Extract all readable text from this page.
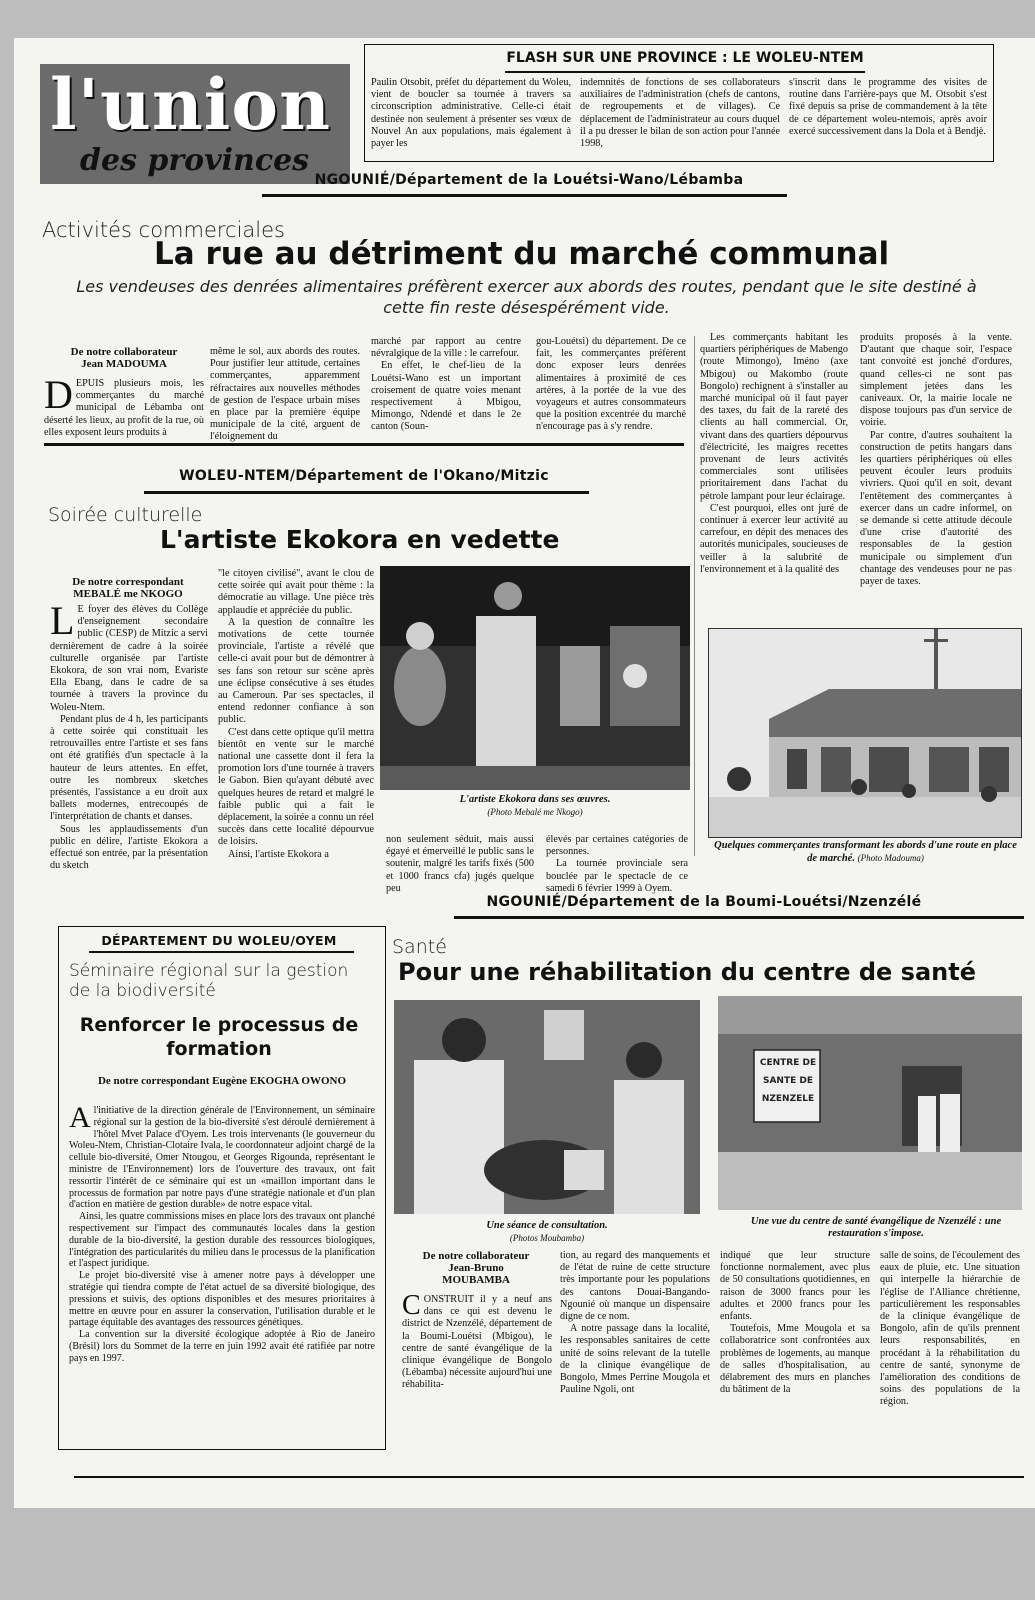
l'union
des provinces
FLASH SUR UNE PROVINCE : LE WOLEU-NTEM
Paulin Otsobit, préfet du département du Woleu, vient de boucler sa tournée à travers sa circonscription administrative. Celle-ci était destinée non seulement à présenter ses vœux de Nouvel An aux populations, mais également à payer les
indemnités de fonctions de ses collaborateurs auxiliaires de l'administration (chefs de cantons, de regroupements et de villages). Ce déplacement de l'administrateur au cours duquel il a pu dresser le bilan de son action pour l'année 1998,
s'inscrit dans le programme des visites de routine dans l'arrière-pays que M. Otsobit s'est fixé depuis sa prise de commandement à la tête de ce département woleu-ntemois, après avoir exercé successivement dans la Dola et à Bendjè.
NGOUNIÉ/Département de la Louétsi-Wano/Lébamba
Activités commerciales
La rue au détriment du marché communal
Les vendeuses des denrées alimentaires préfèrent exercer aux abords des routes, pendant que le site destiné à cette fin reste désespérément vide.
De notre collaborateur
Jean MADOUMA
DEPUIS plusieurs mois, les commerçantes du marché municipal de Lébamba ont déserté les lieux, au profit de la rue, où elles exposent leurs produits à
même le sol, aux abords des routes. Pour justifier leur attitude, certaines commerçantes, apparemment réfractaires aux nouvelles méthodes de gestion de l'espace urbain mises en place par la première équipe municipale de la cité, arguent de l'éloignement du
marché par rapport au centre névralgique de la ville : le carrefour.

En effet, le chef-lieu de la Louétsi-Wano est un important croisement de quatre voies menant respectivement à Mbigou, Mimongo, Ndendé et dans le 2e canton (Soun-

gou-Louétsi) du département. De ce fait, les commerçantes préfèrent donc exposer leurs denrées alimentaires à proximité de ces artères, à la portée de la vue des voyageurs et autres consommateurs que la position excentrée du marché n'encourage pas à s'y rendre.

Les commerçants habitant les quartiers périphériques de Mabengo (route Mimongo), Iméno (axe Mbigou) ou Makombo (route Bongolo) rechignent à s'installer au marché municipal où il faut payer des taxes, du fait de la rareté des clients au hall commercial. Or, vivant dans des quartiers dépourvus d'électricité, les maigres recettes provenant de leurs activités commerciales sont utilisées prioritairement dans l'achat du pétrole lampant pour leur éclairage.

C'est pourquoi, elles ont juré de continuer à exercer leur activité au carrefour, en dépit des menaces des autorités municipales, soucieuses de veiller à la salubrité de l'environnement et à la qualité des

produits proposés à la vente. D'autant que chaque soir, l'espace tant convoité est jonché d'ordures, quand celles-ci ne sont pas simplement jetées dans les caniveaux. Or, la mairie locale ne dispose toujours pas d'un service de voirie.

Par contre, d'autres souhaitent la construction de petits hangars dans les quartiers périphériques où elles peuvent écouler leurs produits vivriers. Quoi qu'il en soit, devant l'entêtement des commerçantes à exercer dans un cadre informel, on se demande si cette attitude découle d'une crise d'autorité des responsables de la gestion municipale ou simplement d'un chantage des vendeuses pour ne pas payer de taxes.

Quelques commerçantes transformant les abords d'une route en place de marché. (Photo Madouma)
WOLEU-NTEM/Département de l'Okano/Mitzic
Soirée culturelle
L'artiste Ekokora en vedette
De notre correspondant
MEBALÉ me NKOGO
L E foyer des élèves du Collège d'enseignement secondaire public (CESP) de Mitzic a servi dernièrement de cadre à la soirée culturelle organisée par l'artiste Ekokora, de son vrai nom, Evariste Ella Ebang, dans le cadre de sa tournée à travers la province du Woleu-Ntem.

Pendant plus de 4 h, les participants à cette soirée qui constituait les retrouvailles entre l'artiste et ses fans ont été gratifiés d'un spectacle à la hauteur de leurs attentes. En effet, outre les nombreux sketches présentés, l'assistance a eu droit aux ballets modernes, entrecoupés de l'interprétation de chants et danses.

Sous les applaudissements d'un public en délire, l'artiste Ekokora a effectué son entrée, par la présentation du sketch

"le citoyen civilisé", avant le clou de cette soirée qui avait pour thème : la démocratie au village. Une pièce très applaudie et appréciée du public.

A la question de connaître les motivations de cette tournée provinciale, l'artiste a révélé que celle-ci avait pour but de démontrer à ses fans son retour sur scène après une éclipse consécutive à ses études au Cameroun. Par ses spectacles, il entend redonner confiance à son public.

C'est dans cette optique qu'il mettra bientôt en vente sur le marché national une cassette dont il fera la promotion lors d'une tournée à travers le Gabon. Bien qu'ayant débuté avec quelques heures de retard et malgré le faible public qui a fait le déplacement, la soirée a connu un réel succès dans cette localité dépourvue de loisirs.

Ainsi, l'artiste Ekokora a

L'artiste Ekokora dans ses œuvres.
(Photo Mebalé me Nkogo)
non seulement séduit, mais aussi égayé et émerveillé le public sans le soutenir, malgré les tarifs fixés (500 et 1000 francs cfa) jugés quelque peu
élevés par certaines catégories de personnes.

La tournée provinciale sera bouclée par le spectacle de ce samedi 6 février 1999 à Oyem.

DÉPARTEMENT DU WOLEU/OYEM
Séminaire régional sur la gestion de la biodiversité
Renforcer le processus de formation
De notre correspondant Eugène EKOGHA OWONO
Al'initiative de la direction générale de l'Environnement, un séminaire régional sur la gestion de la bio-diversité s'est déroulé dernièrement à l'hôtel Mvet Palace d'Oyem. Les trois intervenants (le gouverneur du Woleu-Ntem, Christian-Clotaire Ivala, le coordonnateur adjoint chargé de la cellule bio-diversité, Omer Ntougou, et Georges Rigounda, représentant le ministre de l'Environnement) lors de l'ouverture des travaux, ont fait ressortir l'intérêt de ce séminaire qui est un «maillon important dans le processus de formation par notre pays d'une stratégie nationale et d'un plan d'action en matière de gestion durable» de notre espace vital.

Ainsi, les quatre commissions mises en place lors des travaux ont planché respectivement sur l'impact des communautés locales dans la gestion durable de la bio-diversité, la gestion durable des ressources biologiques, l'intégration des particularités du milieu dans le processus de la planification et l'aspect juridique.

Le projet bio-diversité vise à amener notre pays à développer une stratégie qui tiendra compte de l'état actuel de sa diversité biologique, des pressions et suivis, des options disponibles et des mesures prioritaires à mettre en œuvre pour en assurer la conservation, l'utilisation durable et le partage équitable des avantages des ressources génétiques.

La convention sur la diversité écologique adoptée à Rio de Janeiro (Brésil) lors du Sommet de la terre en juin 1992 avait été ratifiée par notre pays en 1997.

NGOUNIÉ/Département de la Boumi-Louétsi/Nzenzélé
Santé
Pour une réhabilitation du centre de santé
Une séance de consultation.
(Photos Moubamba)
CENTRE DE SANTE DE NZENZELE
Une vue du centre de santé évangélique de Nzenzélé : une restauration s'impose.
De notre collaborateur
Jean-Bruno
MOUBAMBA
CONSTRUIT il y a neuf ans dans ce qui est devenu le district de Nzenzélé, département de la Boumi-Louétsi (Mbigou), le centre de santé évangélique de la clinique évangélique de Bongolo (Lébamba) nécessite aujourd'hui une réhabilita-
tion, au regard des manquements et de l'état de ruine de cette structure très importante pour les populations des cantons Douai-Bangando-Ngounié où manque un dispensaire digne de ce nom.

A notre passage dans la localité, les responsables sanitaires de cette unité de soins relevant de la tutelle de la clinique évangélique de Bongolo, Mmes Perrine Mougola et Pauline Ngoli, ont

indiqué que leur structure fonctionne normalement, avec plus de 50 consultations quotidiennes, en raison de 3000 francs pour les adultes et 2000 francs pour les enfants.

Toutefois, Mme Mougola et sa collaboratrice sont confrontées aux problèmes de logements, au manque de salles d'hospitalisation, au délabrement des murs en planches du bâtiment de la

salle de soins, de l'écoulement des eaux de pluie, etc. Une situation qui interpelle la hiérarchie de l'église de l'Alliance chrétienne, particulièrement les responsables de la clinique évangélique de Bongolo, afin de qu'ils prennent leurs responsabilités, en procédant à la réhabilitation du centre de santé, synonyme de l'amélioration des conditions de soins des populations de la région.
